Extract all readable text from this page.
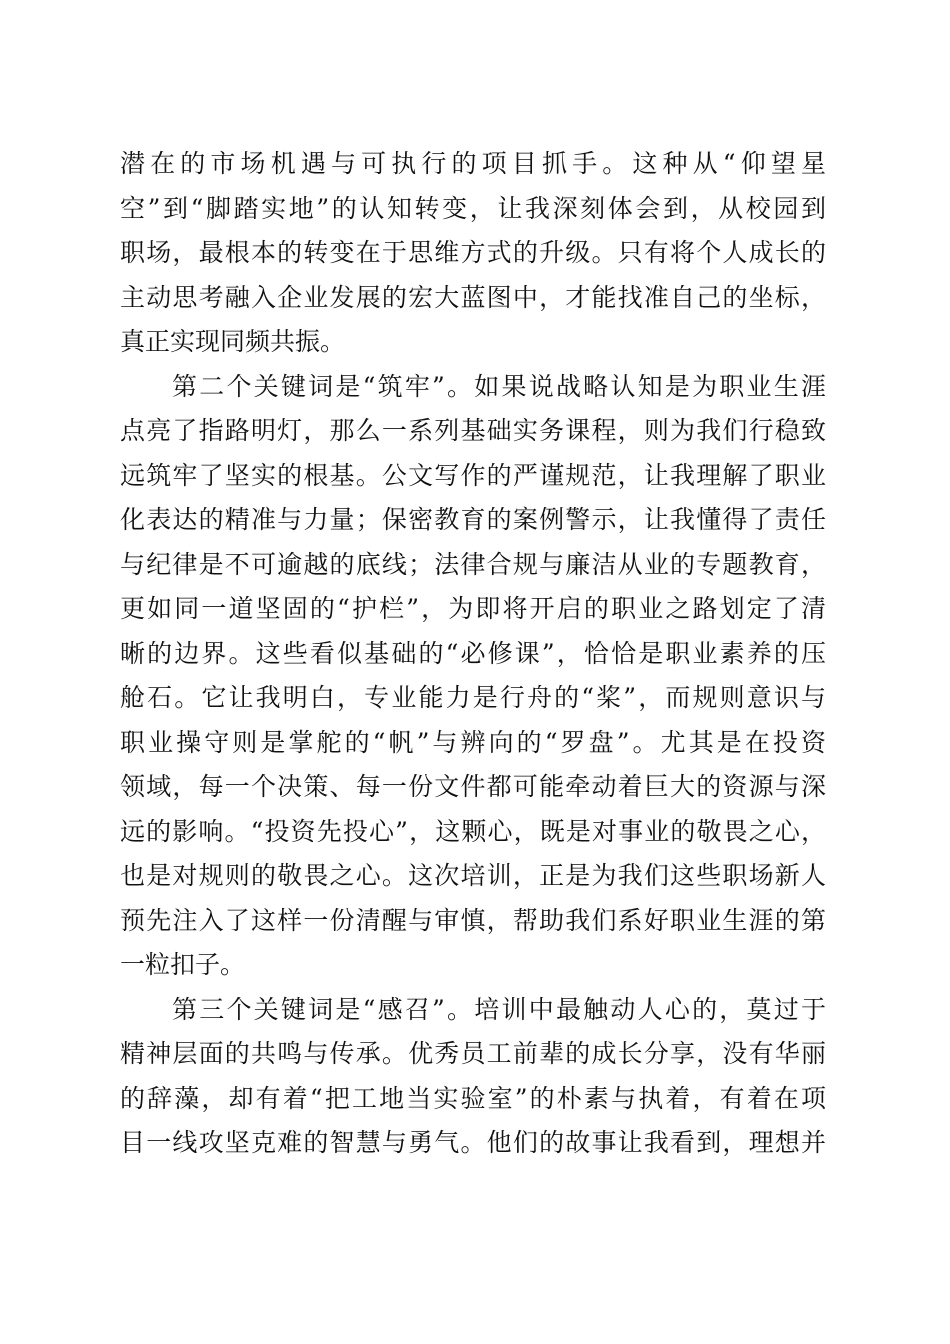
潜在的市场机遇与可执行的项目抓手。这种从“仰望星
空”到“脚踏实地”的认知转变，让我深刻体会到，从校园到
职场，最根本的转变在于思维方式的升级。只有将个人成长的
主动思考融入企业发展的宏大蓝图中，才能找准自己的坐标，
真正实现同频共振。
第二个关键词是“筑牢”。如果说战略认知是为职业生涯
点亮了指路明灯，那么一系列基础实务课程，则为我们行稳致
远筑牢了坚实的根基。公文写作的严谨规范，让我理解了职业
化表达的精准与力量；保密教育的案例警示，让我懂得了责任
与纪律是不可逾越的底线；法律合规与廉洁从业的专题教育，
更如同一道坚固的“护栏”，为即将开启的职业之路划定了清
晰的边界。这些看似基础的“必修课”，恰恰是职业素养的压
舱石。它让我明白，专业能力是行舟的“桨”，而规则意识与
职业操守则是掌舵的“帆”与辨向的“罗盘”。尤其是在投资
领域，每一个决策、每一份文件都可能牵动着巨大的资源与深
远的影响。“投资先投心”，这颗心，既是对事业的敬畏之心，
也是对规则的敬畏之心。这次培训，正是为我们这些职场新人
预先注入了这样一份清醒与审慎，帮助我们系好职业生涯的第
一粒扣子。
第三个关键词是“感召”。培训中最触动人心的，莫过于
精神层面的共鸣与传承。优秀员工前辈的成长分享，没有华丽
的辞藻，却有着“把工地当实验室”的朴素与执着，有着在项
目一线攻坚克难的智慧与勇气。他们的故事让我看到，理想并
